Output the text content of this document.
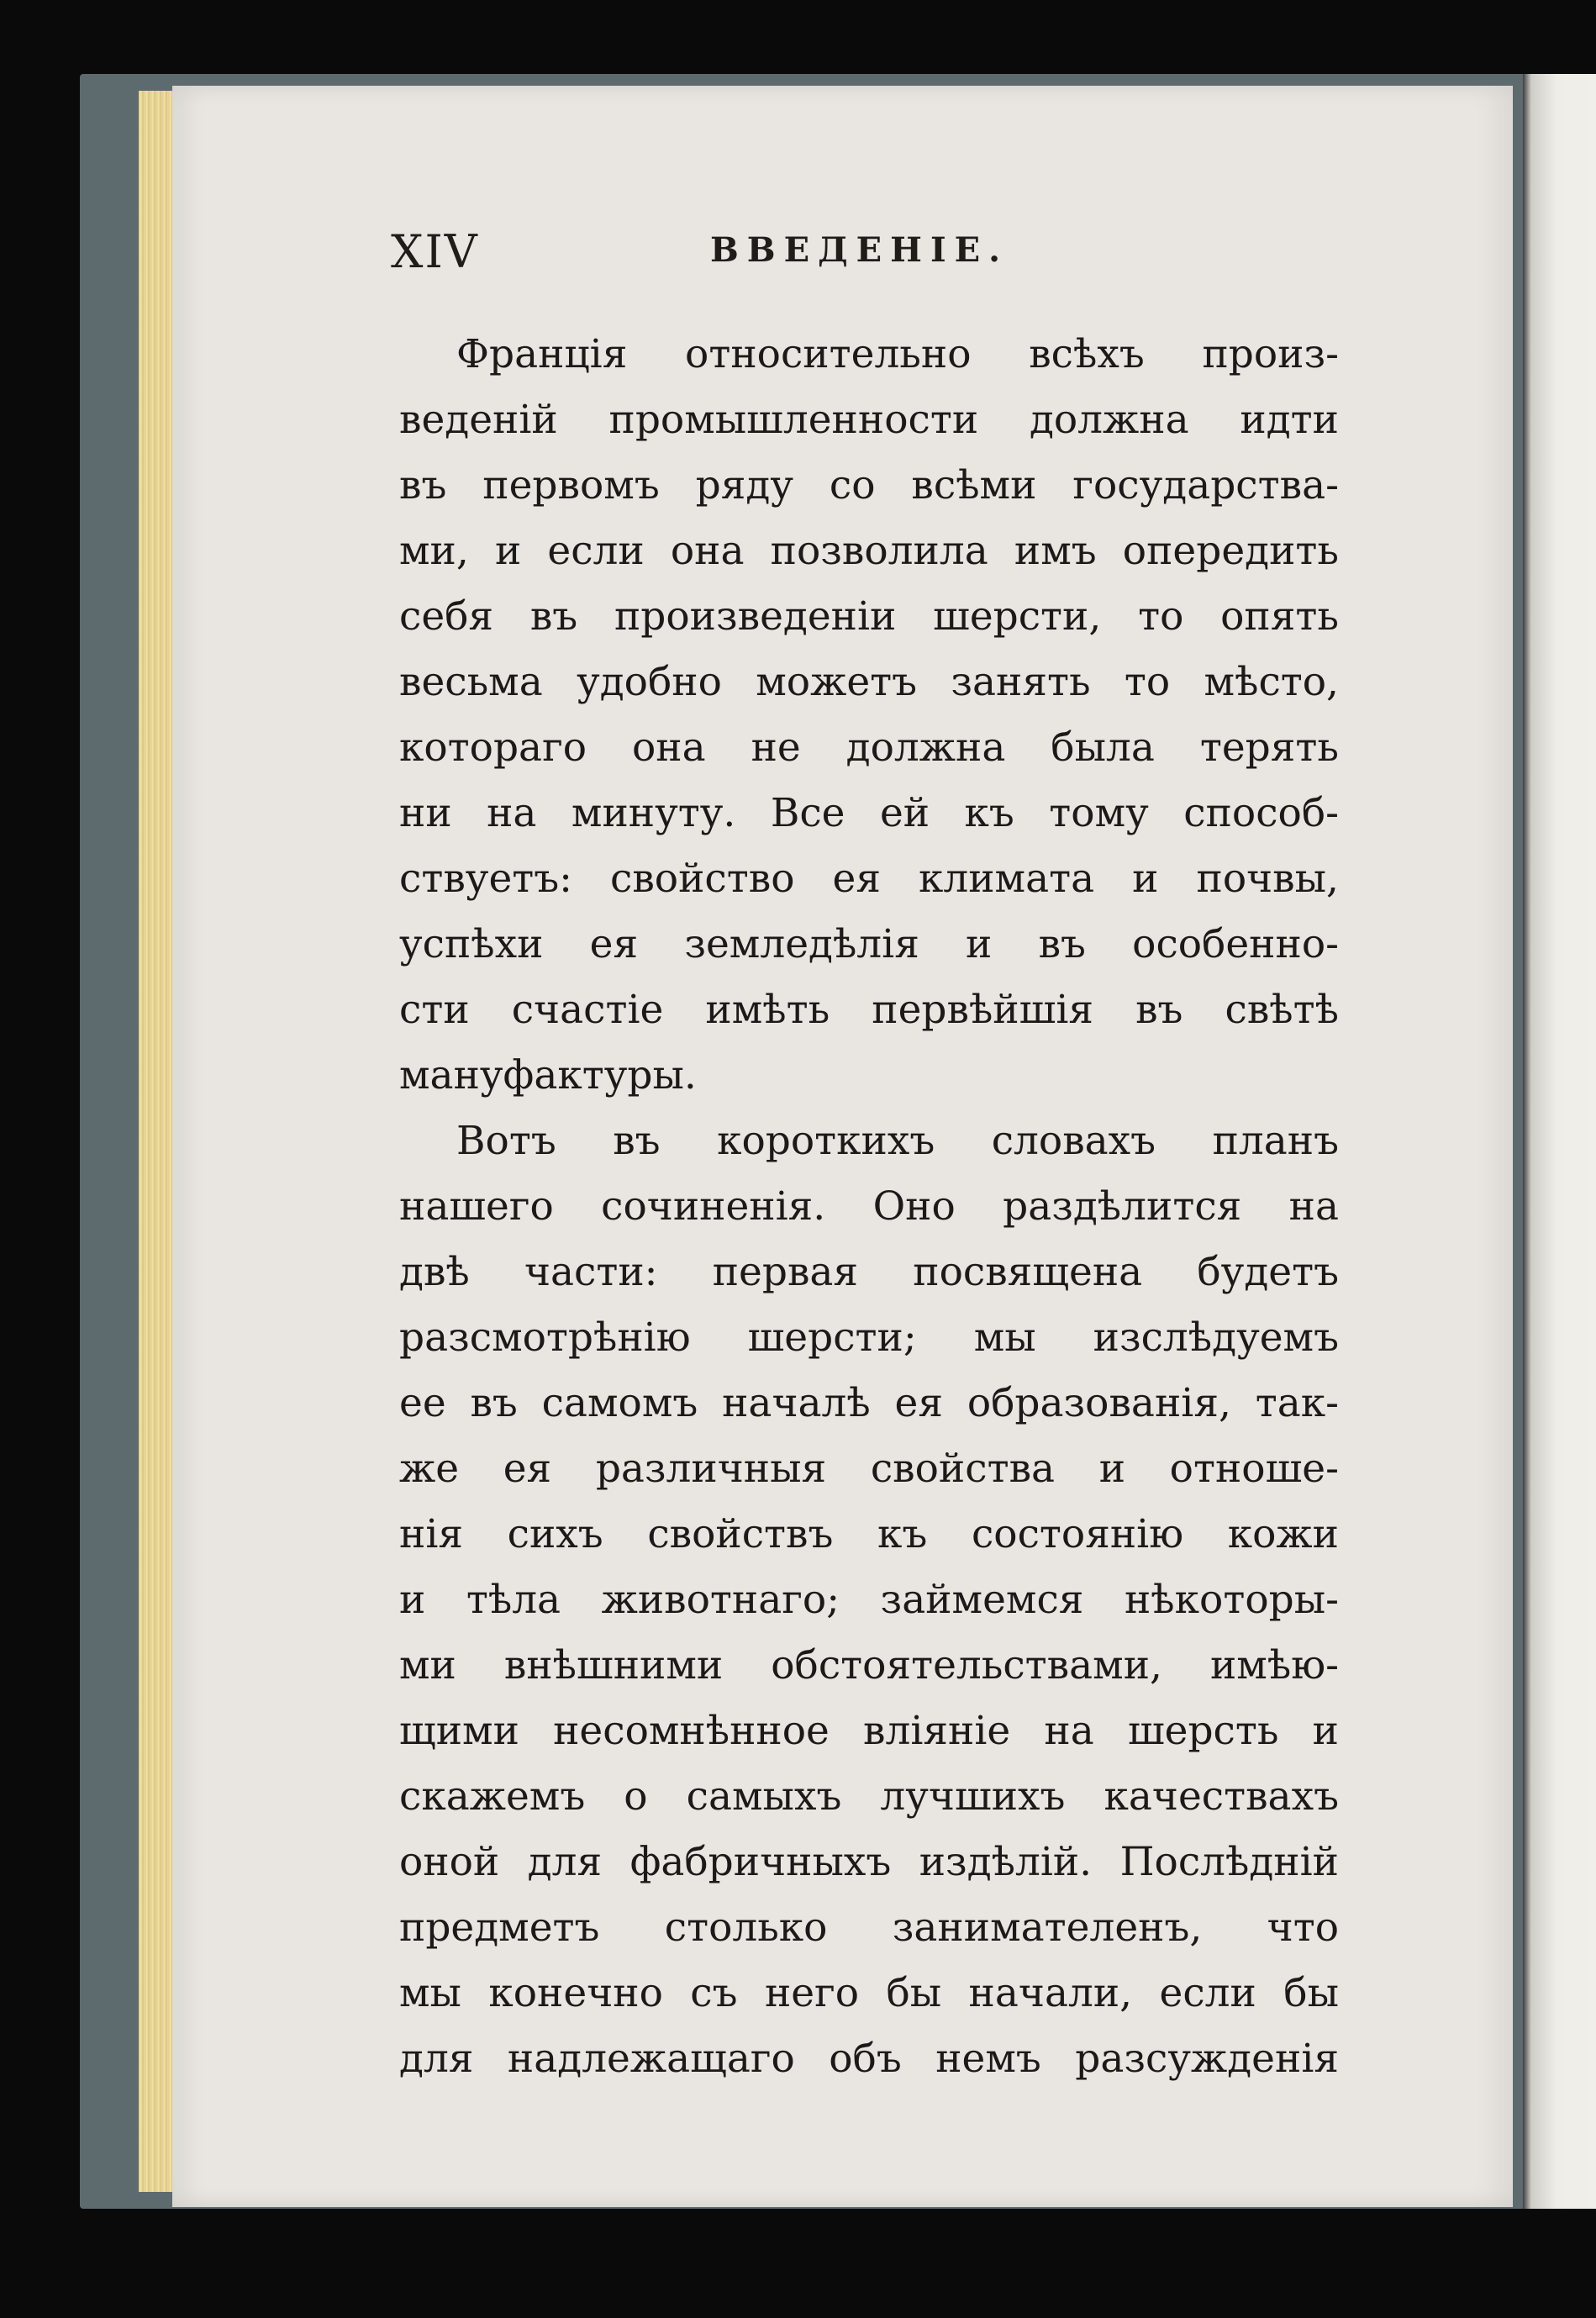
XIV	ВВЕДЕНІЕ.
Франція относительно всѣхъ произ-
веденій промышленности должна идти
въ первомъ ряду со всѣми государства-
ми, и если она позволила имъ опередить
себя въ произведеніи шерсти, то опять
весьма удобно можетъ занять то мѣсто,
котораго она не должна была терять
ни на минуту. Все ей къ тому способ-
ствуетъ: свойство ея климата и почвы,
успѣхи ея земледѣлія и въ особенно-
сти счастіе имѣть первѣйшія въ свѣтѣ
мануфактуры.
Вотъ въ короткихъ словахъ планъ
нашего сочиненія. Оно раздѣлится на
двѣ части: первая посвящена будетъ
разсмотрѣнію шерсти; мы изслѣдуемъ
ее въ самомъ началѣ ея образованія, так-
же ея различныя свойства и отноше-
нія сихъ свойствъ къ состоянію кожи
и тѣла животнаго; займемся нѣкоторы-
ми внѣшними обстоятельствами, имѣю-
щими несомнѣнное вліяніе на шерсть и
скажемъ о самыхъ лучшихъ качествахъ
оной для фабричныхъ издѣлій. Послѣдній
предметъ столько занимателенъ, что
мы конечно съ него бы начали, если бы
для надлежащаго объ немъ разсужденія
